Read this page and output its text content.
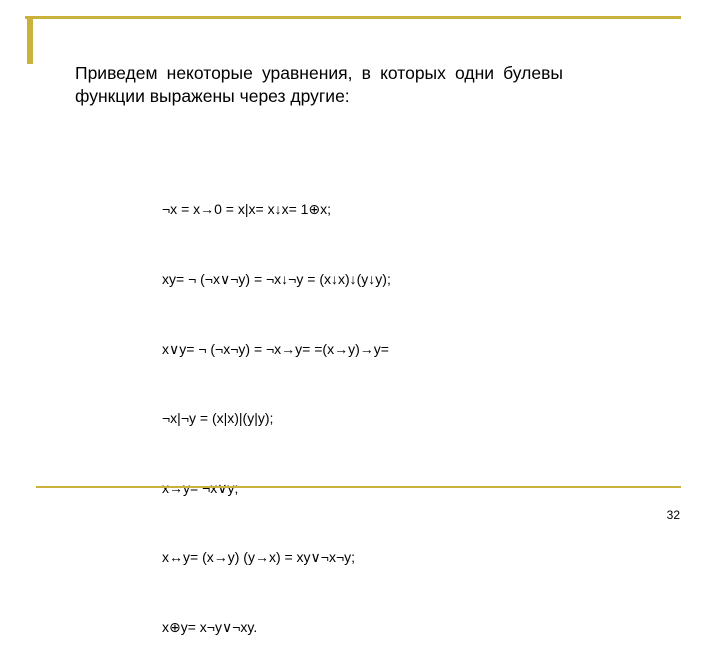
Приведем некоторые уравнения, в которых одни булевы функции выражены через другие:

¬x = x→0 = x|x= x↓x= 1⊕x;

xy= ¬ (¬x∨¬y) = ¬x↓¬y = (x↓x)↓(y↓y);

x∨y= ¬ (¬x¬y) = ¬x→y= =(x→y)→y=

¬x|¬y = (x|x)|(y|y);

x↔y= (x→y) (y→x) = xy∨¬x¬y;

x⊕y= x¬y∨¬xy.

32
